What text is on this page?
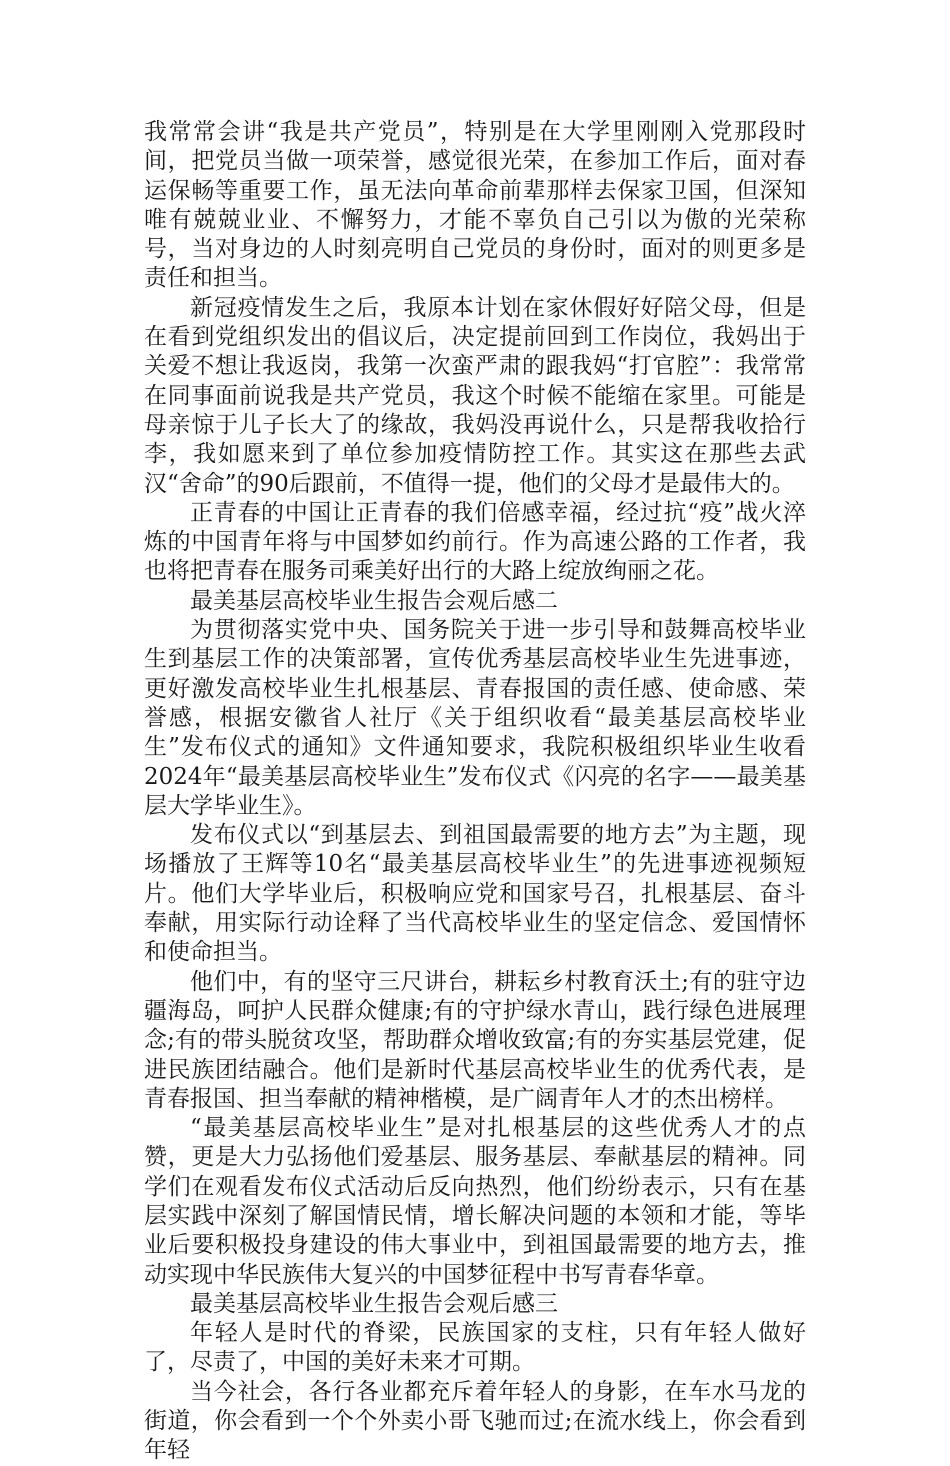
我常常会讲“我是共产党员”，特别是在大学里刚刚入党那段时间，把党员当做一项荣誉，感觉很光荣，在参加工作后，面对春运保畅等重要工作，虽无法向革命前辈那样去保家卫国，但深知唯有兢兢业业、不懈努力，才能不辜负自己引以为傲的光荣称号，当对身边的人时刻亮明自己党员的身份时，面对的则更多是责任和担当。

新冠疫情发生之后，我原本计划在家休假好好陪父母，但是在看到党组织发出的倡议后，决定提前回到工作岗位，我妈出于关爱不想让我返岗，我第一次蛮严肃的跟我妈“打官腔”：我常常在同事面前说我是共产党员，我这个时候不能缩在家里。可能是母亲惊于儿子长大了的缘故，我妈没再说什么，只是帮我收拾行李，我如愿来到了单位参加疫情防控工作。其实这在那些去武汉“舍命”的90后跟前，不值得一提，他们的父母才是最伟大的。

正青春的中国让正青春的我们倍感幸福，经过抗“疫”战火淬炼的中国青年将与中国梦如约前行。作为高速公路的工作者，我也将把青春在服务司乘美好出行的大路上绽放绚丽之花。

最美基层高校毕业生报告会观后感二

为贯彻落实党中央、国务院关于进一步引导和鼓舞高校毕业生到基层工作的决策部署，宣传优秀基层高校毕业生先进事迹，更好激发高校毕业生扎根基层、青春报国的责任感、使命感、荣誉感，根据安徽省人社厅《关于组织收看“最美基层高校毕业生”发布仪式的通知》文件通知要求，我院积极组织毕业生收看2024年“最美基层高校毕业生”发布仪式《闪亮的名字——最美基层大学毕业生》。

发布仪式以“到基层去、到祖国最需要的地方去”为主题，现场播放了王辉等10名“最美基层高校毕业生”的先进事迹视频短片。他们大学毕业后，积极响应党和国家号召，扎根基层、奋斗奉献，用实际行动诠释了当代高校毕业生的坚定信念、爱国情怀和使命担当。

他们中，有的坚守三尺讲台，耕耘乡村教育沃土;有的驻守边疆海岛，呵护人民群众健康;有的守护绿水青山，践行绿色进展理念;有的带头脱贫攻坚，帮助群众增收致富;有的夯实基层党建，促进民族团结融合。他们是新时代基层高校毕业生的优秀代表，是青春报国、担当奉献的精神楷模，是广阔青年人才的杰出榜样。

“最美基层高校毕业生”是对扎根基层的这些优秀人才的点赞，更是大力弘扬他们爱基层、服务基层、奉献基层的精神。同学们在观看发布仪式活动后反向热烈，他们纷纷表示，只有在基层实践中深刻了解国情民情，增长解决问题的本领和才能，等毕业后要积极投身建设的伟大事业中，到祖国最需要的地方去，推动实现中华民族伟大复兴的中国梦征程中书写青春华章。

最美基层高校毕业生报告会观后感三

年轻人是时代的脊梁，民族国家的支柱，只有年轻人做好了，尽责了，中国的美好未来才可期。

当今社会，各行各业都充斥着年轻人的身影，在车水马龙的街道，你会看到一个个外卖小哥飞驰而过;在流水线上，你会看到年轻
